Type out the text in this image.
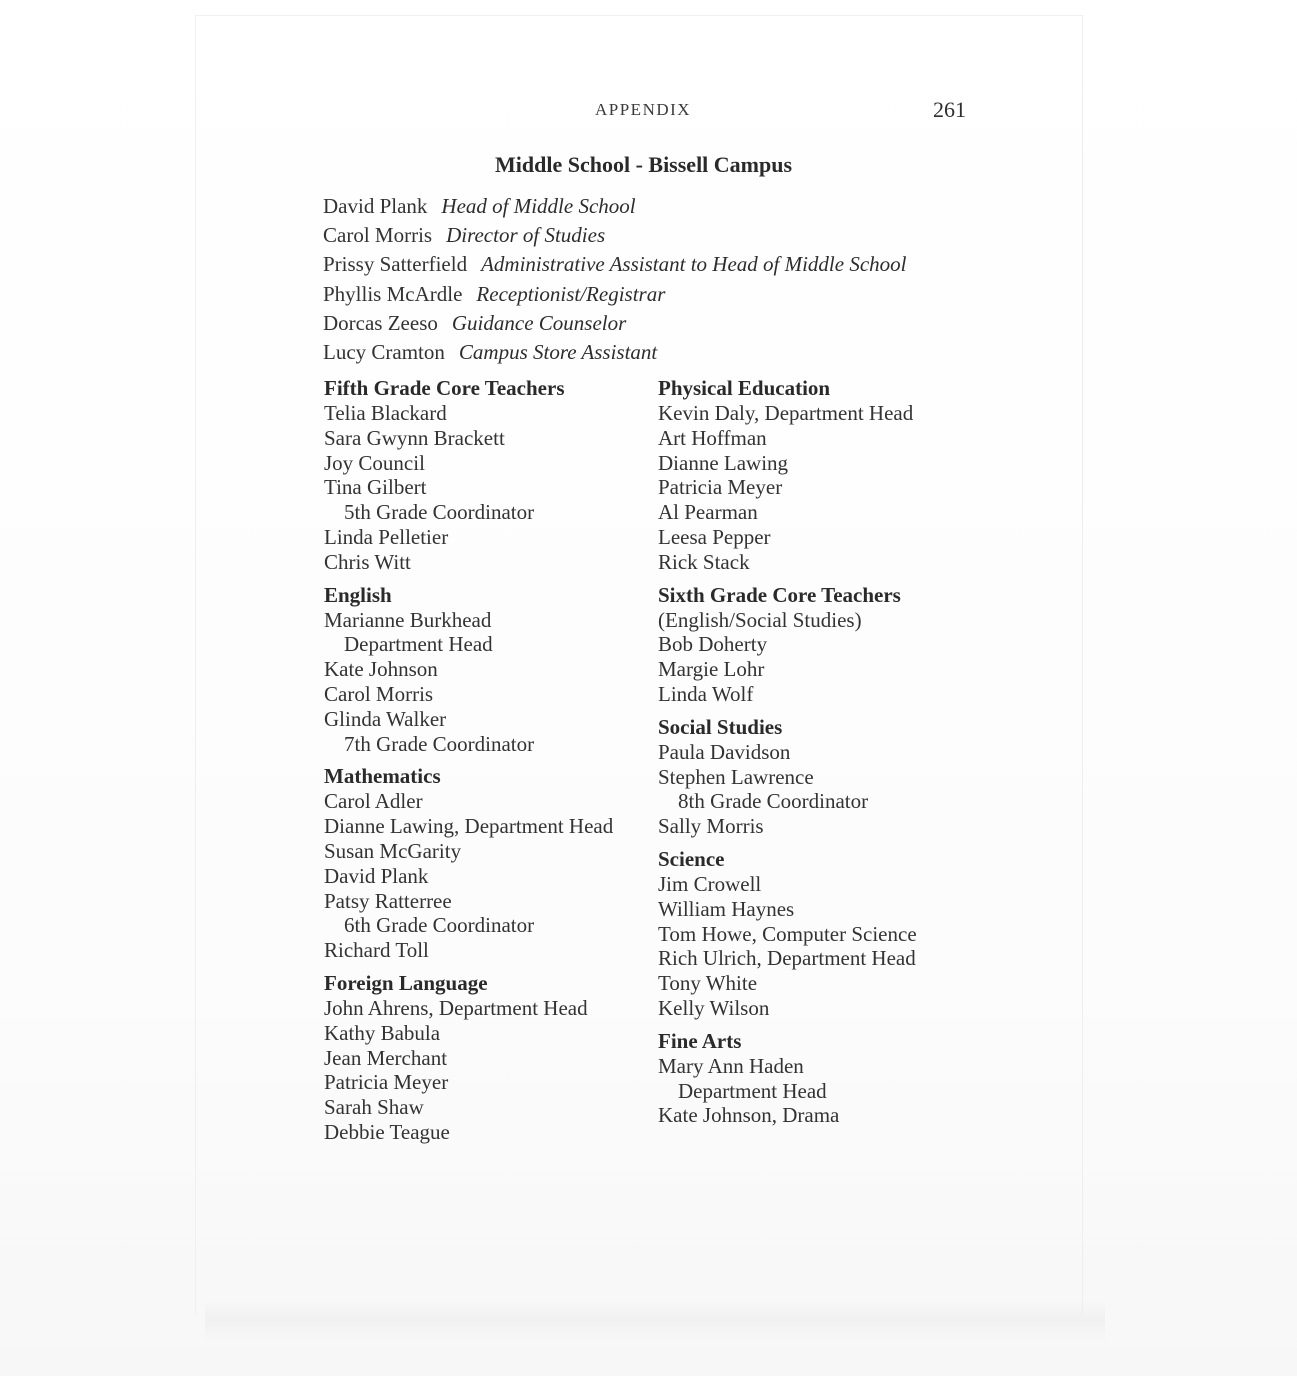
APPENDIX	261
Middle School - Bissell Campus
David Plank Head of Middle School
Carol Morris Director of Studies
Prissy Satterfield Administrative Assistant to Head of Middle School
Phyllis McArdle Receptionist/Registrar
Dorcas Zeeso Guidance Counselor
Lucy Cramton Campus Store Assistant
Fifth Grade Core Teachers
Telia Blackard
Sara Gwynn Brackett
Joy Council
Tina Gilbert
5th Grade Coordinator
Linda Pelletier
Chris Witt
English
Marianne Burkhead
Department Head
Kate Johnson
Carol Morris
Glinda Walker
7th Grade Coordinator
Mathematics
Carol Adler
Dianne Lawing, Department Head
Susan McGarity
David Plank
Patsy Ratterree
6th Grade Coordinator
Richard Toll
Foreign Language
John Ahrens, Department Head
Kathy Babula
Jean Merchant
Patricia Meyer
Sarah Shaw
Debbie Teague
Physical Education
Kevin Daly, Department Head
Art Hoffman
Dianne Lawing
Patricia Meyer
Al Pearman
Leesa Pepper
Rick Stack
Sixth Grade Core Teachers
(English/Social Studies)
Bob Doherty
Margie Lohr
Linda Wolf
Social Studies
Paula Davidson
Stephen Lawrence
8th Grade Coordinator
Sally Morris
Science
Jim Crowell
William Haynes
Tom Howe, Computer Science
Rich Ulrich, Department Head
Tony White
Kelly Wilson
Fine Arts
Mary Ann Haden
Department Head
Kate Johnson, Drama
